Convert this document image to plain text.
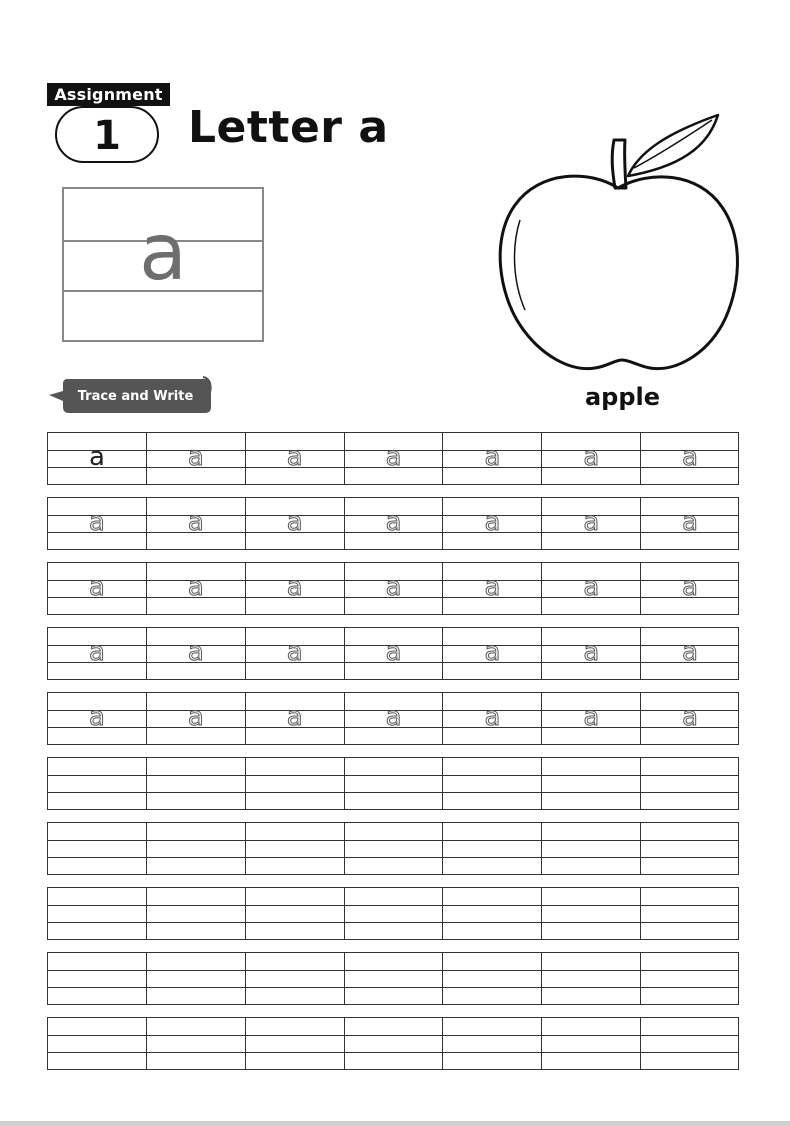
Assignment
1	Letter a
a
apple
Trace and Write
a	a	a	a	a	a	a
a	a	a	a	a	a	a
a	a	a	a	a	a	a
a	a	a	a	a	a	a
a	a	a	a	a	a	a
